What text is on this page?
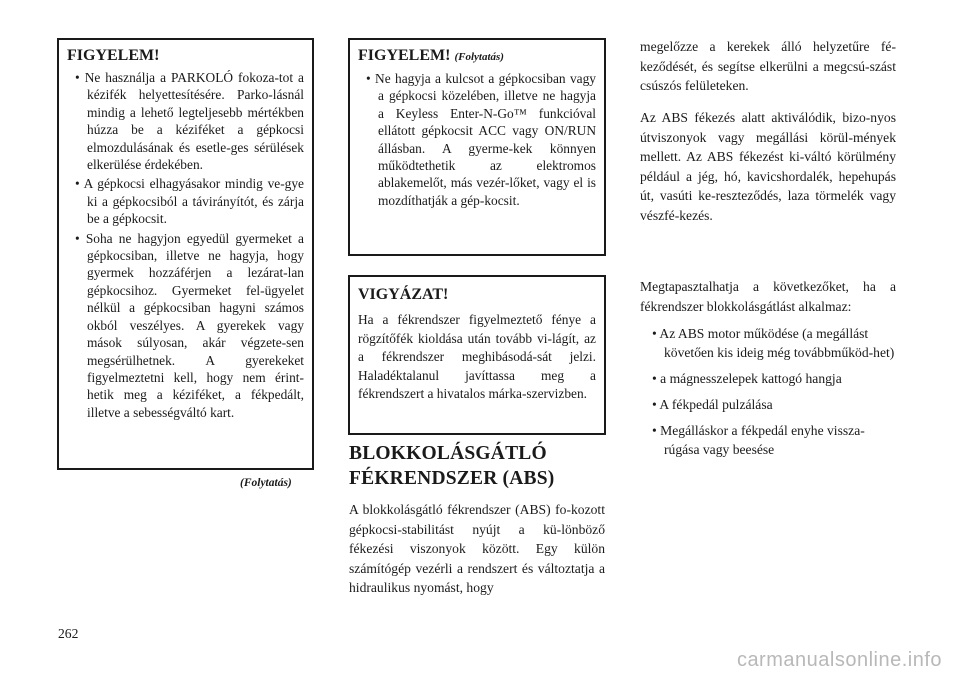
FIGYELEM!
• Ne használja a PARKOLÓ fokoza-tot a kézifék helyettesítésére. Parko-lásnál mindig a lehető legteljesebb mértékben húzza be a kéziféket a gépkocsi elmozdulásának és esetle-ges sérülések elkerülése érdekében.
• A gépkocsi elhagyásakor mindig ve-gye ki a gépkocsiból a távirányítót, és zárja be a gépkocsit.
• Soha ne hagyjon egyedül gyermeket a gépkocsiban, illetve ne hagyja, hogy gyermek hozzáférjen a lezárat-lan gépkocsihoz. Gyermeket fel-ügyelet nélkül a gépkocsiban hagyni számos okból veszélyes. A gyerekek vagy mások súlyosan, akár végzete-sen megsérülhetnek. A gyerekeket figyelmeztetni kell, hogy nem érint-hetik meg a kéziféket, a fékpedált, illetve a sebességváltó kart.
(Folytatás)
FIGYELEM! (Folytatás)
• Ne hagyja a kulcsot a gépkocsiban vagy a gépkocsi közelében, illetve ne hagyja a Keyless Enter-N-Go™ funkcióval ellátott gépkocsit ACC vagy ON/RUN állásban. A gyerme-kek könnyen működtethetik az elektromos ablakemelőt, más vezér-lőket, vagy el is mozdíthatják a gép-kocsit.
VIGYÁZAT!
Ha a fékrendszer figyelmeztető fénye a rögzítőfék kioldása után tovább vi-lágít, az a fékrendszer meghibásodá-sát jelzi. Haladéktalanul javíttassa meg a fékrendszert a hivatalos márka-szervizben.
BLOKKOLÁSGÁTLÓ
FÉKRENDSZER (ABS)
A blokkolásgátló fékrendszer (ABS) fo-kozott gépkocsi-stabilitást nyújt a kü-lönböző fékezési viszonyok között. Egy külön számítógép vezérli a rendszert és változtatja a hidraulikus nyomást, hogy
megelőzze a kerekek álló helyzetűre fé-keződését, és segítse elkerülni a megcsú-szást csúszós felületeken.
Az ABS fékezés alatt aktiválódik, bizo-nyos útviszonyok vagy megállási körül-mények mellett. Az ABS fékezést ki-váltó körülmény például a jég, hó, kavicshordalék, hepehupás út, vasúti ke-reszteződés, laza törmelék vagy vészfé-kezés.
Megtapasztalhatja a következőket, ha a fékrendszer blokkolásgátlást alkalmaz:
• Az ABS motor működése (a megállást követően kis ideig még továbbműköd-het)
• a mágnesszelepek kattogó hangja
• A fékpedál pulzálása
• Megálláskor a fékpedál enyhe vissza-rúgása vagy beesése
262
carmanualsonline.info
